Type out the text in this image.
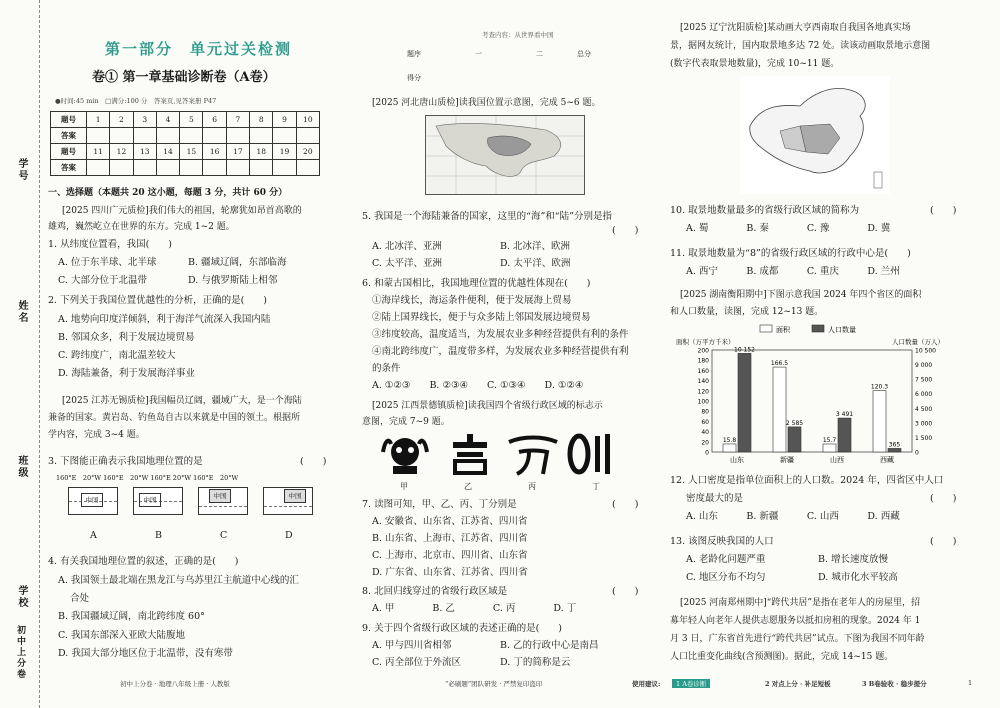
学号
姓名
班级
学校
初中上分卷
第一部分　单元过关检测
卷① 第一章基础诊断卷（A卷）
●时间:45 min　□满分:100 分　答案页,见答案册 P47
题号	1	2	3	4	5	6	7	8	9	10
答案										
题号	11	12	13	14	15	16	17	18	19	20
答案										
一、选择题（本题共 20 这小题，每题 3 分，共计 60 分）
[2025 四川广元质检]我们伟大的祖国，轮廓犹如昂首高歌的
雄鸡，巍然屹立在世界的东方。完成 1~2 题。
1. 从纬度位置看，我国(　　)
A. 位于东半球、北半球	B. 疆域辽阔，东部临海
C. 大部分位于北温带	D. 与俄罗斯陆上相邻
2. 下列关于我国位置优越性的分析，正确的是(　　)
A. 地势向印度洋倾斜，利于海洋气流深入我国内陆
B. 邻国众多，利于发展边境贸易
C. 跨纬度广，南北温差较大
D. 海陆兼备，利于发展海洋事业
[2025 江苏无锡质检]我国幅员辽阔，疆域广大，是一个海陆
兼备的国家。黄岩岛、钓鱼岛自古以来就是中国的领土。根据所
学内容，完成 3~4 题。
3. 下图能正确表示我国地理位置的是	(　　)
160°E　20°W 160°E　20°W 160°E 20°W 160°E　20°W
中国	中国	中国	中国
A	B	C	D
4. 有关我国地理位置的叙述，正确的是(　　)
A. 我国领土最北端在黑龙江与乌苏里江主航道中心线的汇
合处
B. 我国疆域辽阔，南北跨纬度 60°
C. 我国东部深入亚欧大陆腹地
D. 我国大部分地区位于北温带，没有寒带
初中上分卷 · 地理八年级上册 · 人教版
考查内容：从世界看中国
题序	一	二	总分
得分			
[2025 河北唐山质检]读我国位置示意图，完成 5~6 题。
5. 我国是一个海陆兼备的国家，这里的“海”和“陆”分别是指
(　　)
A. 北冰洋、亚洲	B. 北冰洋、欧洲
C. 太平洋、亚洲	D. 太平洋、欧洲
6. 和蒙古国相比，我国地理位置的优越性体现在(　　)
①海岸线长，海运条件便利，便于发展海上贸易
②陆上国界线长，便于与众多陆上邻国发展边境贸易
③纬度较高，温度适当，为发展农业多种经营提供有利的条件
④南北跨纬度广，温度带多样，为发展农业多种经营提供有利
的条件
A. ①②③　　B. ②③④　　C. ①③④　　D. ①②④
[2025 江西景德镇质检]读我国四个省级行政区域的标志示
意图，完成 7~9 题。
甲	乙	丙	丁
7. 读图可知，甲、乙、丙、丁分别是	(　　)
A. 安徽省、山东省、江苏省、四川省
B. 山东省、上海市、江苏省、四川省
C. 上海市、北京市、四川省、山东省
D. 广东省、山东省、江苏省、四川省
8. 北回归线穿过的省级行政区域是	(　　)
A. 甲　　　　B. 乙　　　　C. 丙　　　　D. 丁
9. 关于四个省级行政区域的表述正确的是(　　)
A. 甲与四川省相邻	B. 乙的行政中心是南昌
C. 丙全部位于外流区	D. 丁的简称是云
“必刷题”团队研发 · 严禁复印盗印
[2025 辽宁沈阳质检]某动画大亨西南取自我国各地真实场
景，据网友统计，国内取景地多达 72 处。读该动画取景地示意图
(数字代表取景地数量)，完成 10~11 题。
10. 取景地数量最多的省级行政区域的简称为	(　　)
A. 蜀　　　　B. 秦　　　　C. 豫　　　　D. 冀
11. 取景地数量为“8”的省级行政区域的行政中心是(　　)
A. 西宁　　　B. 成都　　　C. 重庆　　　D. 兰州
[2025 湖南衡阳期中]下图示意我国 2024 年四个省区的面积
和人口数量，读图，完成 12~13 题。
面积	人口数量
面积（万平方千米）	人口数量（万人）
200
180
160
140
120
100
80
60
40
20
0
10 500
9 000
7 500
6 000
4 500
3 000
1 500
0
15.8
10 152
山东
166.5
2 585
新疆
15.7
3 491
山西
120.3
365
西藏
12. 人口密度是指单位面积上的人口数。2024 年，四省区中人口
密度最大的是	(　　)
A. 山东　　　B. 新疆　　　C. 山西　　　D. 西藏
13. 该图反映我国的人口	(　　)
A. 老龄化问题严重	B. 增长速度放慢
C. 地区分布不均匀	D. 城市化水平较高
[2025 河南郑州期中]“跨代共居”是指在老年人的房屋里，招
募年轻人向老年人提供志愿服务以抵扣房租的现象。2024 年 1
月 3 日，广东省首先进行“跨代共居”试点。下图为我国不同年龄
人口比重变化曲线(含预测图)。据此，完成 14~15 题。
使用建议:	1 A卷诊断	2 对点上分 · 补足短板	3 B卷验收 · 稳步提分	1
